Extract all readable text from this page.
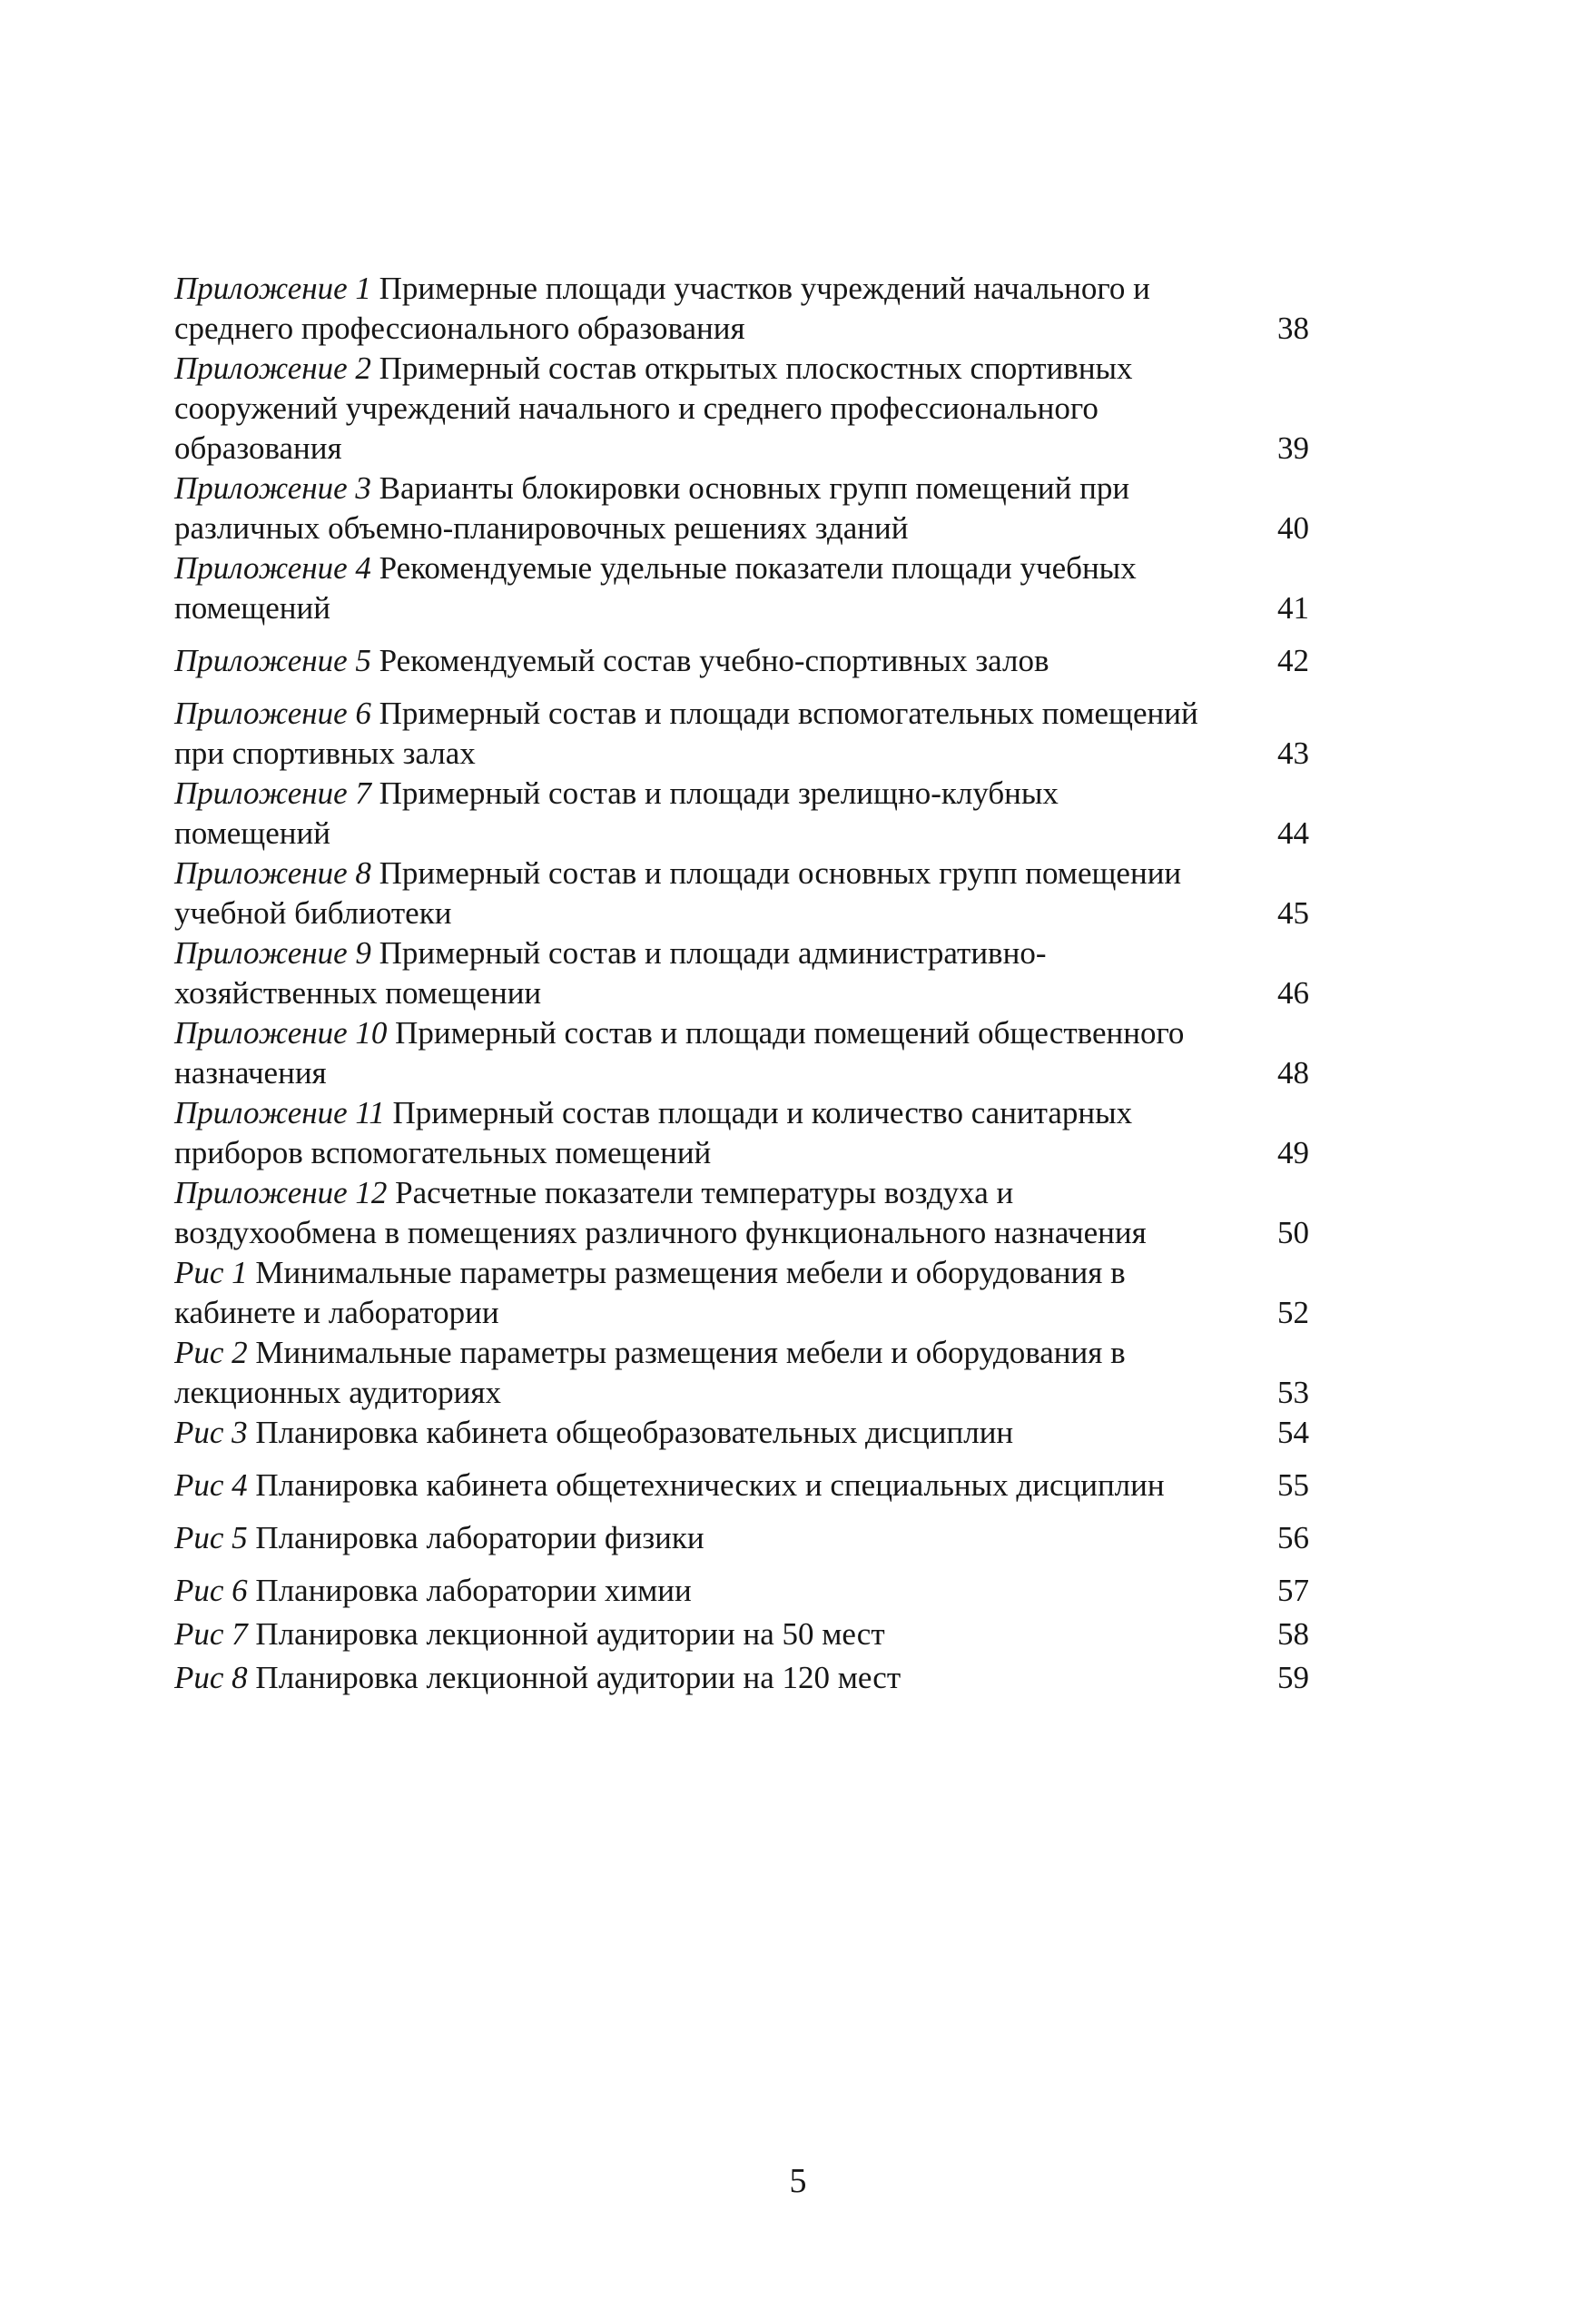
Приложение 1 Примерные площади участков учреждений начального и среднего профессионального образования	38
Приложение 2 Примерный состав открытых плоскостных спортивных сооружений учреждений начального и среднего профессионального образования	39
Приложение 3 Варианты блокировки основных групп помещений при различных объемно-планировочных решениях зданий	40
Приложение 4 Рекомендуемые удельные показатели площади учебных помещений	41
Приложение 5 Рекомендуемый состав учебно-спортивных залов	42
Приложение 6 Примерный состав и площади вспомогательных помещений при спортивных залах	43
Приложение 7 Примерный состав и площади зрелищно-клубных помещений	44
Приложение 8 Примерный состав и площади основных групп помещении учебной библиотеки	45
Приложение 9 Примерный состав и площади административно-хозяйственных помещении	46
Приложение 10 Примерный состав и площади помещений общественного назначения	48
Приложение 11 Примерный состав площади и количество санитарных приборов вспомогательных помещений	49
Приложение 12 Расчетные показатели температуры воздуха и воздухообмена в помещениях различного функционального назначения	50
Рис 1 Минимальные параметры размещения мебели и оборудования в кабинете и лаборатории	52
Рис 2 Минимальные параметры размещения мебели и оборудования в лекционных аудиториях	53
Рис 3 Планировка кабинета общеобразовательных дисциплин	54
Рис 4 Планировка кабинета общетехнических и специальных дисциплин	55
Рис 5 Планировка лаборатории физики	56
Рис 6 Планировка лаборатории химии	57
Рис 7 Планировка лекционной аудитории на 50 мест	58
Рис 8 Планировка лекционной аудитории на 120 мест	59
5
